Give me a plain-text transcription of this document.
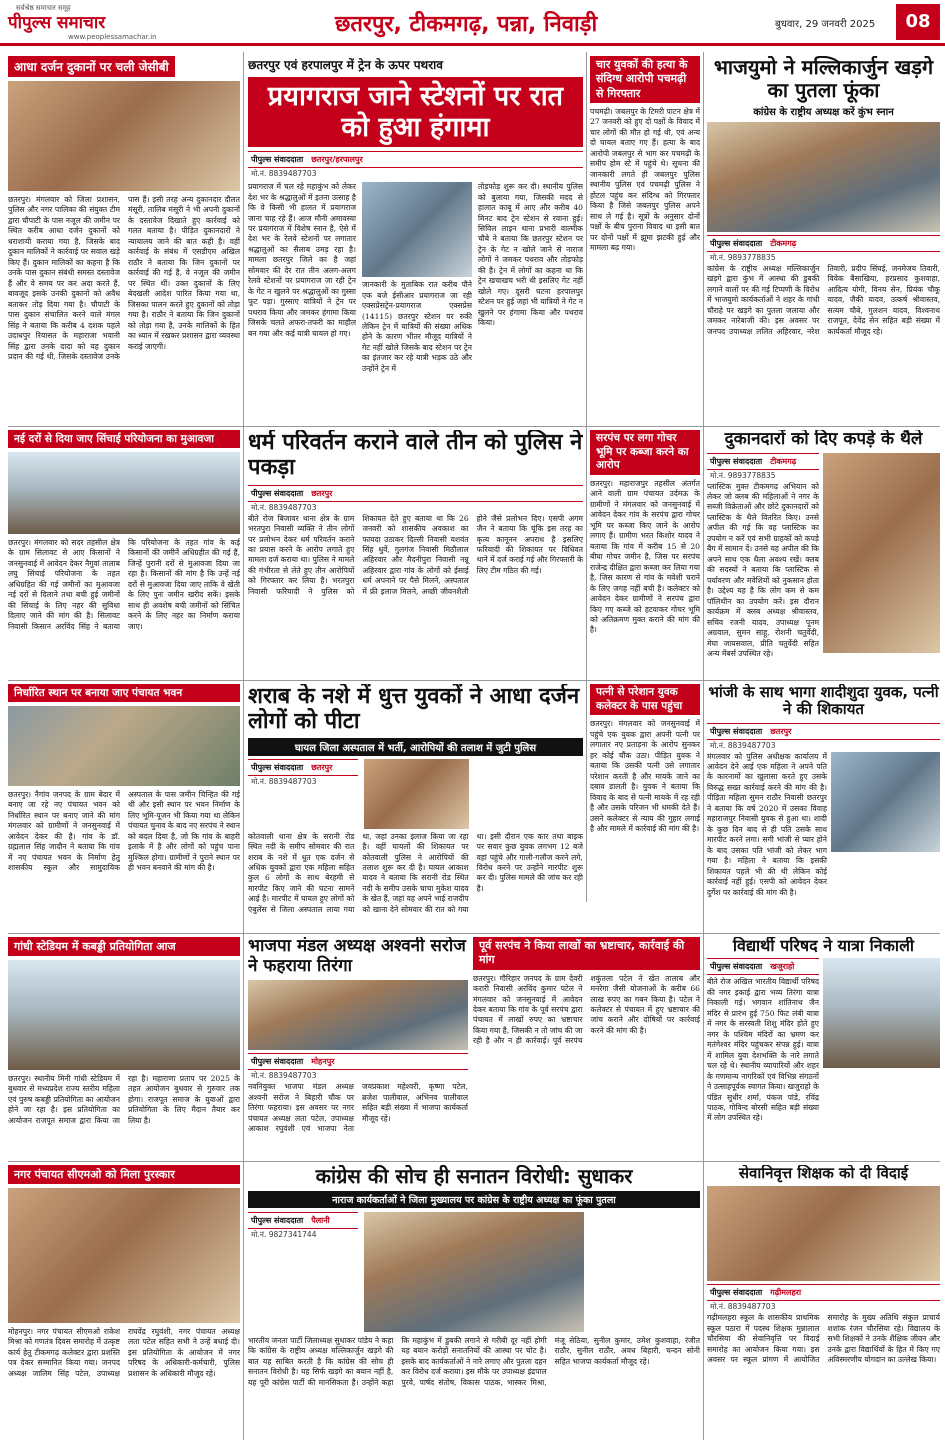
सर्वश्रेष्ठ समाचार समूह
पीपुल्स समाचार
www.peoplessamachar.in	छतरपुर, टीकमगढ़, पन्ना, निवाड़ी	बुधवार, 29 जनवरी 2025	08
आधा दर्जन दुकानों पर चली जेसीबी
छतरपुर। मंगलवार को जिला प्रशासन, पुलिस और नगर पालिका की संयुक्त टीम द्वारा चौपाटी के पास नजूल की जमीन पर स्थित करीब आधा दर्जन दुकानों को धराशायी कराया गया है, जिसके बाद दुकान मालिकों ने कार्रवाई पर सवाल खड़े किए हैं। दुकान मालिकों का कहना है कि उनके पास दुकान संबंधी समस्त दस्तावेज हैं और वे समय पर कर अदा करते हैं, बावजूद इसके उनकी दुकानों को अवैध बताकर तोड़ दिया गया है। चौपाटी के पास दुकान संचालित करने वाले मंगल सिंह ने बताया कि करीब 4 दशक पहले उदाधपुर रियासत के महाराजा भवानी सिंह द्वारा उनके दादा को यह दुकान प्रदान की गई थी, जिसके दस्तावेज उनके पास हैं। इसी तरह अन्य दुकानदार दौलत मंसूरी, तालिब मंसूरी ने भी अपनी दुकानों के दस्तावेज दिखाते हुए कार्रवाई को गलत बताया है। पीड़ित दुकानदारों ने न्यायालय जाने की बात कही है। वहीं कार्रवाई के संबंध में एसडीएम अखिल राठौर ने बताया कि जिन दुकानों पर कार्रवाई की गई है, वे नजूल की जमीन पर स्थित थीं। उक्त दुकानों के लिए बेदखली आदेश पारित किया गया था, जिसका पालन करते हुए दुकानों को तोड़ा गया है। राठौर ने बताया कि जिन दुकानों को तोड़ा गया है, उनके मालिकों के हित का ध्यान में रखकर प्रशासन द्वारा व्यवस्था कराई जाएगी।
छतरपुर एवं हरपालपुर में ट्रेन के ऊपर पथराव
प्रयागराज जाने स्टेशनों पर रात को हुआ हंगामा
पीपुल्स संवाददाता छतरपुर/हरपालपुर
मो.नं. 8839487703
प्रयागराज में चल रहे महाकुंभ को लेकर देश भर के श्रद्धालुओं में इतना उत्साह है कि वे किसी भी हालत में प्रयागराज जाना चाह रहे हैं। आज मौनी अमावस्या पर प्रयागराज में विशेष स्नान है, ऐसे में देश भर के रेलवे स्टेशनों पर लगातार श्रद्धालुओं का सैलाब उमड़ रहा है। मामला छतरपुर जिले का है जहां सोमवार की देर रात तीन अलग-अलग रेलवे स्टेशनों पर प्रयागराज जा रही ट्रेन के गेट न खुलने पर श्रद्धालुओं का गुस्सा फूट पड़ा। गुस्साए यात्रियों ने ट्रेन पर पथराव किया और जमकर हंगामा किया जिसके चलते अफरा-तफरी का माहौल बन गया और कई यात्री घायल हो गए।
जानकारी के मुताबिक रात करीब पौने एक बजे ईसीआर प्रयागराज जा रही एक्सप्रेसट्रेन-प्रयागराज एक्सप्रेस (14115) छतरपुर स्टेशन पर रुकी लेकिन ट्रेन में यात्रियों की संख्या अधिक होने के कारण भीतर मौजूद यात्रियों ने गेट नहीं खोले जिसके बाद स्टेशन पर ट्रेन का इंतजार कर रहे यात्री भड़क उठे और उन्होंने ट्रेन में
तोड़फोड़ शुरू कर दी। स्थानीय पुलिस को बुलाया गया, जिसकी मदद से हालात काबू में आए और करीब 40 मिनट बाद ट्रेन स्टेशन से रवाना हुई। सिविल लाइन थाना प्रभारी वाल्मीक चौबे ने बताया कि छतरपुर स्टेशन पर ट्रेन के गेट न खोले जाने से नाराज लोगों ने जमकर पथराव और तोड़फोड़ की है। ट्रेन में लोगों का कहना था कि ट्रेन खचाखच भरी थी इसलिए गेट नहीं खोले गए। दूसरी घटना हरपालपुर स्टेशन पर हुई जहां भी यात्रियों ने गेट न खुलने पर हंगामा किया और पथराव किया।
चार युवकों की हत्या के संदिग्ध आरोपी पचमढ़ी से गिरफ्तार
पचमढ़ी। जबलपुर के टिमरी पाटन क्षेत्र में 27 जनवरी को हुए दो पक्षों के विवाद में चार लोगों की मौत हो गई थी, एवं अन्य दो घायल बताए गए हैं। हत्या के बाद आरोपी जबलपुर से भाग कर पचमढ़ी के समीप होम स्टे में पहुंचे थे। सूचना की जानकारी लगते ही जबलपुर पुलिस स्थानीय पुलिस एवं पचमढ़ी पुलिस ने होटल पहुंच कर संदिग्ध को गिरफ्तार किया है जिसे जबलपुर पुलिस अपने साथ ले गई है। सूत्रों के अनुसार दोनों पक्षों के बीच पुराना विवाद था इसी बात पर दोनों पक्षों में झूमा झटकी हुई और मामला बढ़ गया।
भाजयुमो ने मल्लिकार्जुन खड़गे का पुतला फूंका
कांग्रेस के राष्ट्रीय अध्यक्ष करें कुंभ स्नान
पीपुल्स संवाददाता टीकमगढ़
मो.नं. 9893778835
कांग्रेस के राष्ट्रीय अध्यक्ष मल्लिकार्जुन खड़गे द्वारा कुंभ में आस्था की डुबकी लगाने वालों पर की गई टिप्पणी के विरोध में भाजयुमो कार्यकर्ताओं ने शहर के गांधी चौराहे पर खड़गे का पुतला जलाया और जमकर नारेबाजी की। इस अवसर पर जनपद उपाध्यक्ष ललित अहिरवार, नरेश तिवारी, प्रदीप सिंघई, जनमेजय तिवारी, विवेक बैसाखिया, हरप्रसाद कुशवाहा, आदित्य योगी, विनय सेन, प्रियंक चौकू यादव, जैकी यादव, उत्कर्ष श्रीवास्तव, सत्यम चौबे, गुलशन यादव, विश्वनाथ राजपूत, देवेंद्र सेन सहित बड़ी संख्या में कार्यकर्ता मौजूद रहे।
नई दरों से दिया जाए सिंचाई परियोजना का मुआवजा
छतरपुर। मंगलवार को सदर तहसील क्षेत्र के ग्राम सिलावट से आए किसानों ने जनसुनवाई में आवेदन देकर नैगुवां तालाब लघु सिंचाई परियोजना के तहत अधिग्रहित की गई जमीनों का मुआवजा नई दरों से दिलाने तथा बची हुई जमीनों की सिंचाई के लिए नहर की सुविधा दिलाए जाने की मांग की है। सिलावट निवासी किसान अरविंद सिंह ने बताया कि परियोजना के तहत गांव के कई किसानों की जमीनें अधिग्रहीत की गई हैं, जिन्हें पुरानी दरों से मुआवजा दिया जा रहा है। किसानों की मांग है कि उन्हें नई दरों से मुआवजा दिया जाए ताकि वे खेती के लिए पुनः जमीन खरीद सकें। इसके साथ ही अवशेष बची जमीनों को सिंचित करने के लिए नहर का निर्माण कराया जाए।
धर्म परिवर्तन कराने वाले तीन को पुलिस ने पकड़ा
पीपुल्स संवाददाता छतरपुर
मो.नं. 8839487703
बीते रोज बिजावर थाना क्षेत्र के ग्राम भरतपुरा निवासी व्यक्ति ने तीन लोगों पर प्रलोभन देकर धर्म परिवर्तन कराने का प्रयास करने के आरोप लगाते हुए मामला दर्ज कराया था। पुलिस ने मामले की गंभीरता से लेते हुए तीन आरोपियों को गिरफ्तार कर लिया है। भरतपुरा निवासी फरियादी ने पुलिस को शिकायत देते हुए बताया था कि 26 जनवरी को शासकीय अवकाश का फायदा उठाकर दिल्ली निवासी यशवंत सिंह धुर्वे, गुलगंज निवासी मिठौलाल अहिरवार और मैदनीपुरा निवासी नन्नू अहिरवार द्वारा गांव के लोगों को ईसाई धर्म अपनाने पर पैसे मिलने, अस्पताल में फ्री इलाज मिलने, अच्छी जीवनशैली होने जैसे प्रलोभन दिए। एसपी अगम जैन ने बताया कि चूंकि इस तरह का कृत्य कानूनन अपराध है इसलिए फरियादी की शिकायत पर विधिवत थाने में दर्ज कराई गई और गिरफ्तारी के लिए टीम गठित की गई।
सरपंच पर लगा गोचर भूमि पर कब्जा करने का आरोप
छतरपुर। महाराजपुर तहसील अंतर्गत आने वाली ग्राम पंचायत उर्दमऊ के ग्रामीणों ने मंगलवार को जनसुनवाई में आवेदन देकर गांव के सरपंच द्वारा गोचर भूमि पर कब्जा किए जाने के आरोप लगाए हैं। ग्रामीण भरत किशोर यादव ने बताया कि गांव में करीब 15 से 20 बीघा गोचर जमीन है, जिस पर सरपंच राजेन्द्र दीक्षित द्वारा कब्जा कर लिया गया है, जिस कारण से गांव के मवेशी चराने के लिए जगह नहीं बची है। कलेक्टर को आवेदन देकर ग्रामीणों ने सरपंच द्वारा किए गए कब्जे को हटवाकर गोचर भूमि को अतिक्रमण मुक्त कराने की मांग की है।
दुकानदारों को दिए कपड़े के थैले
पीपुल्स संवाददाता टीकमगढ़
मो.नं. 9893778835
प्लास्टिक मुक्त टीकमगढ़ अभियान को लेकर जो क्लब की महिलाओं ने नगर के सब्जी विक्रेताओं और छोटे दुकानदारों को प्लास्टिक के थैले वितरित किए। उनसे अपील की गई कि वह प्लास्टिक का उपयोग न करें एवं सभी ग्राहकों को कपड़े बैग में सामान दें। उनसे यह अपील की कि अपने साथ एक थैला अवश्य रखें। क्लब की सदस्यों ने बताया कि प्लास्टिक से पर्यावरण और मवेशियों को नुकसान होता है। उद्देश्य यह है कि लोग कम से कम पॉलिथीन का उपयोग करें। इस दौरान कार्यक्रम में क्लब अध्यक्ष श्रीवास्तव, सचिव रजनी यादव, उपाध्यक्ष पूनम अग्रवाल, सुमन साहू, रोशनी चतुर्वेदी, मेघा जायसवाल, प्रीति चतुर्वेदी सहित अन्य मेंबर्स उपस्थित रहे।
निर्धारित स्थान पर बनाया जाए पंचायत भवन
छतरपुर। नैगांव जनपद के ग्राम बेदार में बनाए जा रहे नए पंचायत भवन को निर्धारित स्थान पर बनाए जाने की मांग मंगलवार को ग्रामीणों ने जनसुनवाई में आवेदन देकर की है। गांव के डॉ. ग्रह्मलाल सिंह जादौन ने बताया कि गांव में नए पंचायत भवन के निर्माण हेतु शासकीय स्कूल और सामुदायिक अस्पताल के पास जमीन चिन्हित की गई थी और इसी स्थान पर भवन निर्माण के लिए भूमि-पूजन भी किया गया था लेकिन पंचायत चुनाव के बाद नए सरपंच ने स्थान को बदल दिया है, जो कि गांव के बाहरी इलाके में है और लोगों को पहुंच पाना मुश्किल होगा। ग्रामीणों ने पुराने स्थान पर ही भवन बनवाने की मांग की है।
शराब के नशे में धुत्त युवकों ने आधा दर्जन लोगों को पीटा
घायल जिला अस्पताल में भर्ती, आरोपियों की तलाश में जुटी पुलिस
पीपुल्स संवाददाता छतरपुर
मो.नं. 8839487703
कोतवाली थाना क्षेत्र के सरानी रोड स्थित नदी के समीप सोमवार की रात शराब के नशे में धुत एक दर्जन से अधिक युवकों द्वारा एक महिला सहित कुल 6 लोगों के साथ बेरहमी से मारपीट किए जाने की घटना सामने आई है। मारपीट में घायल हुए लोगों को एंबुलेंस से जिला अस्पताल लाया गया था, जहां उनका इलाज किया जा रहा है। वहीं घायलों की शिकायत पर कोतवाली पुलिस ने आरोपियों की तलाश शुरू कर दी है। घायल आकाश यादव ने बताया कि सरानी रोड स्थित नदी के समीप उसके चाचा मुकेश यादव के खेत हैं, जहां वह अपने भाई राजदीप को खाना देने सोमवार की रात को गया था। इसी दौरान एक कार तथा बाइक पर सवार कुछ युवक लगभग 12 बजे वहां पहुंचे और गाली-गलौज करने लगे, विरोध करने पर उन्होंने मारपीट शुरू कर दी। पुलिस मामले की जांच कर रही है।
पत्नी से परेशान युवक कलेक्टर के पास पहुंचा
छतरपुर। मंगलवार को जनसुनवाई में पहुंचे एक युवक द्वारा अपनी पत्नी पर लगातार नए प्रताड़ना के आरोप सुनकर हर कोई चौंक उठा। पीड़ित युवक ने बताया कि उसकी पत्नी उसे लगातार परेशान करती है और मायके जाने का दबाव डालती है। युवक ने बताया कि विवाद के बाद से पत्नी मायके में रह रही है और उसके परिजन भी धमकी देते हैं। उसने कलेक्टर से न्याय की गुहार लगाई है और मामले में कार्रवाई की मांग की है।
भांजी के साथ भागा शादीशुदा युवक, पत्नी ने की शिकायत
पीपुल्स संवाददाता छतरपुर
मो.नं. 8839487703
मंगलवार को पुलिस अधीक्षक कार्यालय में आवेदन देने आई एक महिला ने अपने पति के कारनामों का खुलासा करते हुए उसके विरुद्ध सख्त कार्रवाई करने की मांग की है। पीड़िता महिला सुमन राठौर निवासी छतरपुर ने बताया कि वर्ष 2020 में उसका विवाह महाराजपुर निवासी युवक से हुआ था। शादी के कुछ दिन बाद से ही पति उसके साथ मारपीट करने लगा। सगी भांजी से प्यार होने के बाद उसका पति भांजी को लेकर भाग गया है। महिला ने बताया कि इसकी शिकायत पहले भी की थी लेकिन कोई कार्रवाई नहीं हुई। एसपी को आवेदन देकर दुर्गेश पर कार्रवाई की मांग की है।
गांधी स्टेडियम में कबड्डी प्रतियोगिता आज
छतरपुर। स्थानीय मिनी गांधी स्टेडियम में बुधवार से मध्यप्रदेश राज्य स्तरीय महिला एवं पुरुष कबड्डी प्रतियोगिता का आयोजन होने जा रहा है। इस प्रतियोगिता का आयोजन राजपूत समाज द्वारा किया जा रहा है। महाराणा प्रताप पर 2025 के तहत आयोजन बुधवार से गुरुवार तक होगा। राजपूत समाज के युवाओं द्वारा प्रतियोगिता के लिए मैदान तैयार कर लिया है।
भाजपा मंडल अध्यक्ष अश्वनी सरोज ने फहराया तिरंगा
पीपुल्स संवाददाता मोहनपुर
मो.नं. 8839487703
नवनियुक्त भाजपा मंडल अध्यक्ष अश्वनी सरोज ने बिहारी चौक पर तिरंगा फहराया। इस अवसर पर नगर पंचायत अध्यक्ष लता पटेल, उपाध्यक्ष आकाश रघुवंशी एवं भाजपा नेता जयप्रकाश महेश्वरी, कृष्णा पटेल, ब्रजेश पालीवाल, अभिनव पालीवाल सहित बड़ी संख्या में भाजपा कार्यकर्ता मौजूद रहे।
पूर्व सरपंच ने किया लाखों का भ्रष्टाचार, कार्रवाई की मांग
छतरपुर। गौरिहार जनपद के ग्राम देवरी करारी निवासी अरविंद कुमार पटेल ने मंगलवार को जनसुनवाई में आवेदन देकर बताया कि गांव के पूर्व सरपंच द्वारा पंचायत में लाखों रुपए का भ्रष्टाचार किया गया है, जिसकी न तो जांच की जा रही है और न ही कार्रवाई। पूर्व सरपंच शकुंतला पटेल ने खेत तालाब और मनरेगा जैसी योजनाओं के करीब 66 लाख रुपए का गबन किया है। पटेल ने कलेक्टर से पंचायत में हुए भ्रष्टाचार की जांच कराने और दोषियों पर कार्रवाई करने की मांग की है।
विद्यार्थी परिषद ने यात्रा निकाली
पीपुल्स संवाददाता खजुराहो
बीते रोज अखिल भारतीय विद्यार्थी परिषद की नगर इकाई द्वारा भव्य तिरंगा यात्रा निकाली गई। भगवान शांतिनाथ जैन मंदिर से प्रारंभ हुई 750 फिट लंबी यात्रा में नगर के सरस्वती शिशु मंदिर होते हुए नगर के पश्चिम मंदिरों का भ्रमण कर मतंगेश्वर मंदिर पहुंचकर संपन्न हुई। यात्रा में शामिल युवा देशभक्ति के नारे लगाते चल रहे थे। स्थानीय व्यापारियों और शहर के गणमान्य नागरिकों एवं विभिन्न संगठनों ने उत्साहपूर्वक स्वागत किया। खजुराहो के पंडित सुधीर शर्मा, पंकज पांडे, रविंद्र पाठक, गोविन्द बोरसी सहित बड़ी संख्या में लोग उपस्थित रहे।
नगर पंचायत सीएमओ को मिला पुरस्कार
मोहनपुर। नगर पंचायत सीएमओ राकेश मिश्रा को गणतंत्र दिवस समारोह में उत्कृष्ट कार्य हेतु टीकमगढ़ कलेक्टर द्वारा प्रशस्ति पत्र देकर सम्मानित किया गया। जनपद अध्यक्ष जालिम सिंह पटेल, उपाध्यक्ष राघवेंद्र रघुवंशी, नगर पंचायत अध्यक्ष लता पटेल सहित सभी ने उन्हें बधाई दी। इस प्रतियोगिता के आयोजन में नगर परिषद के अधिकारी-कर्मचारी, पुलिस प्रशासन के अधिकारी मौजूद रहे।
कांग्रेस की सोच ही सनातन विरोधी: सुधाकर
नाराज कार्यकर्ताओं ने जिला मुख्यालय पर कांग्रेस के राष्ट्रीय अध्यक्ष का फूंका पुतला
पीपुल्स संवाददाता पैलानी
मो.नं. 9827341744
भारतीय जनता पार्टी जिलाध्यक्ष सुधाकर पांडेय ने कहा कि कांग्रेस के राष्ट्रीय अध्यक्ष मल्लिकार्जुन खड़गे की बात यह साबित करती है कि कांग्रेस की सोच ही सनातन विरोधी है। यह सिर्फ खड़गे का बयान नहीं है, यह पूरी कांग्रेस पार्टी की मानसिकता है। उन्होंने कहा कि महाकुंभ में डुबकी लगाने से गरीबी दूर नहीं होगी यह बयान करोड़ों सनातनियों की आस्था पर चोट है। इसके बाद कार्यकर्ताओं ने नारे लगाए और पुतला दहन कर विरोध दर्ज कराया। इस मौके पर उपाध्यक्ष इंद्रपाल पुरवे, पार्षद संतोष, विकास पाठक, भास्कर मिश्रा, मंजू सेठिया, सुनील कुमार, उमेश कुशवाहा, रंजीत राठौर, सुनील राठौर, अवध बिहारी, चन्दन सोनी सहित भाजपा कार्यकर्ता मौजूद रहे।
सेवानिवृत्त शिक्षक को दी विदाई
पीपुल्स संवाददाता गढ़ीमलहरा
मो.नं. 8839487703
गढ़ीमलहरा स्कूल के शासकीय प्राथमिक स्कूल पठारा में पदस्थ शिक्षक मुन्नालाल चौरसिया की सेवानिवृत्ति पर विदाई समारोह का आयोजन किया गया। इस अवसर पर स्कूल प्रांगण में आयोजित समारोह के मुख्य अतिथि संकुल प्राचार्य शशांक रंजन चौरसिया रहे। विद्यालय के सभी शिक्षकों ने उनके शैक्षिक जीवन और उनके द्वारा विद्यार्थियों के हित में किए गए अविस्मरणीय योगदान का उल्लेख किया।
